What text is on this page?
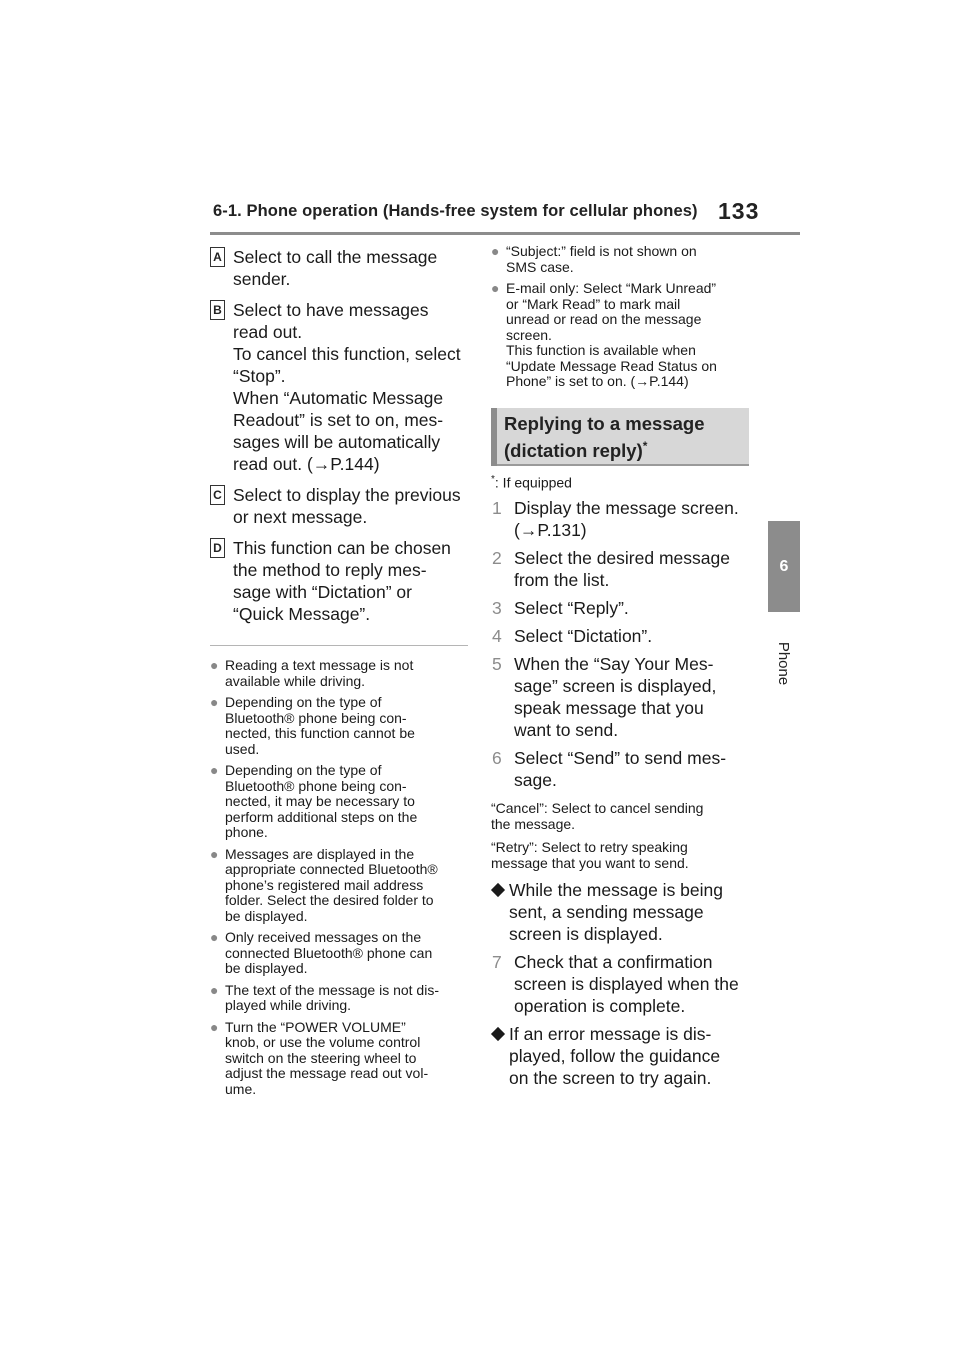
6-1. Phone operation (Hands-free system for cellular phones) 133
6
Phone
A Select to call the message
sender.
B Select to have messages
read out.
To cancel this function, select
“Stop”.
When “Automatic Message
Readout” is set to on, mes-
sages will be automatically
read out. (→P.144)
C Select to display the previous
or next message.
D This function can be chosen
the method to reply mes-
sage with “Dictation” or
“Quick Message”.
● Reading a text message is not
available while driving.
● Depending on the type of
Bluetooth® phone being con-
nected, this function cannot be
used.
● Depending on the type of
Bluetooth® phone being con-
nected, it may be necessary to
perform additional steps on the
phone.
● Messages are displayed in the
appropriate connected Bluetooth®
phone’s registered mail address
folder. Select the desired folder to
be displayed.
● Only received messages on the
connected Bluetooth® phone can
be displayed.
● The text of the message is not dis-
played while driving.
● Turn the “POWER VOLUME”
knob, or use the volume control
switch on the steering wheel to
adjust the message read out vol-
ume.
● “Subject:” field is not shown on
SMS case.
● E-mail only: Select “Mark Unread”
or “Mark Read” to mark mail
unread or read on the message
screen.
This function is available when
“Update Message Read Status on
Phone” is set to on. (→P.144)
Replying to a message
(dictation reply)*
*: If equipped
1 Display the message screen.
(→P.131)
2 Select the desired message
from the list.
3 Select “Reply”.
4 Select “Dictation”.
5 When the “Say Your Mes-
sage” screen is displayed,
speak message that you
want to send.
6 Select “Send” to send mes-
sage.
“Cancel”: Select to cancel sending
the message.
“Retry”: Select to retry speaking
message that you want to send.
While the message is being
sent, a sending message
screen is displayed.
7 Check that a confirmation
screen is displayed when the
operation is complete.
If an error message is dis-
played, follow the guidance
on the screen to try again.
